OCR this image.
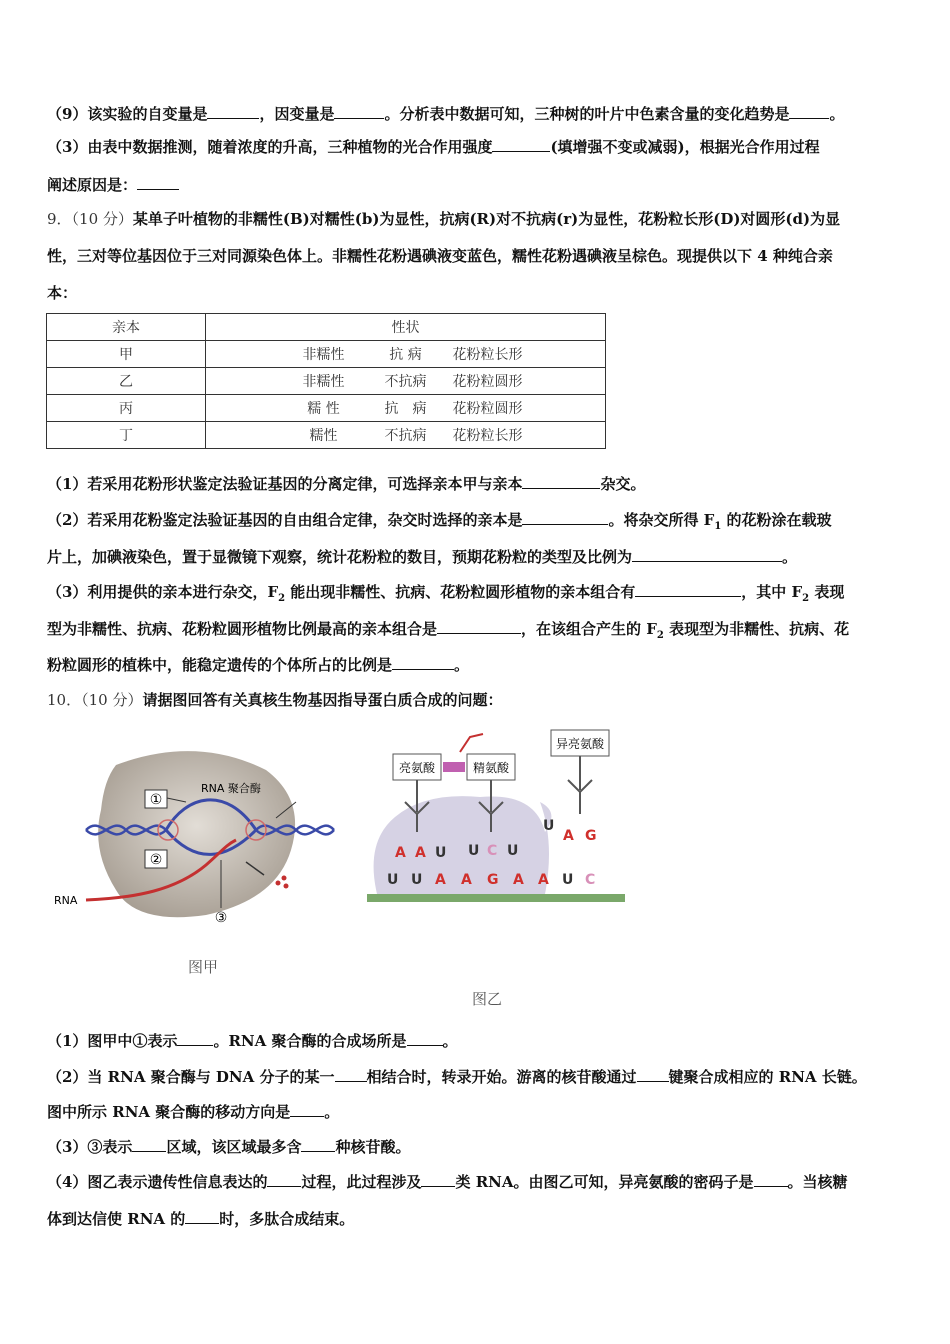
（9）该实验的自变量是	，因变量是	。分析表中数据可知，三种树的叶片中色素含量的变化趋势是	。
（3）由表中数据推测，随着浓度的升高，三种植物的光合作用强度	(填增强不变或减弱)，根据光合作用过程
阐述原因是：
9．（10 分）某单子叶植物的非糯性(B)对糯性(b)为显性，抗病(R)对不抗病(r)为显性，花粉粒长形(D)对圆形(d)为显
性，三对等位基因位于三对同源染色体上。非糯性花粉遇碘液变蓝色，糯性花粉遇碘液呈棕色。现提供以下 4 种纯合亲
本：
亲本	性状
甲	非糯性 抗 病 花粉粒长形
乙	非糯性 不抗病 花粉粒圆形
丙	糯 性 抗　病 花粉粒圆形
丁	糯性 不抗病 花粉粒长形
（1）若采用花粉形状鉴定法验证基因的分离定律，可选择亲本甲与亲本	杂交。
（2）若采用花粉鉴定法验证基因的自由组合定律，杂交时选择的亲本是	。将杂交所得 $F_1$ 的花粉涂在载玻
片上，加碘液染色，置于显微镜下观察，统计花粉粒的数目，预期花粉粒的类型及比例为	。
（3）利用提供的亲本进行杂交，$F_2$ 能出现非糯性、抗病、花粉粒圆形植物的亲本组合有	，其中 $F_2$ 表现
型为非糯性、抗病、花粉粒圆形植物比例最高的亲本组合是	，在该组合产生的 $F_2$ 表现型为非糯性、抗病、花
粉粒圆形的植株中，能稳定遗传的个体所占的比例是	。
10．（10 分）请据图回答有关真核生物基因指导蛋白质合成的问题：
①
②
③
RNA 聚合酶
RNA
图甲
亮氨酸	精氨酸
异亮氨酸
A A U U C U
U
A G
U U A A G A A U C
图乙
（1）图甲中①表示 。RNA 聚合酶的合成场所是 。
（2）当 RNA 聚合酶与 DNA 分子的某一 相结合时，转录开始。游离的核苷酸通过 键聚合成相应的 RNA 长链。
图中所示 RNA 聚合酶的移动方向是 。
（3）③表示 区域，该区域最多含 种核苷酸。
（4）图乙表示遗传性信息表达的 过程，此过程涉及 类 RNA。由图乙可知，异亮氨酸的密码子是 。当核糖
体到达信使 RNA 的 时，多肽合成结束。
